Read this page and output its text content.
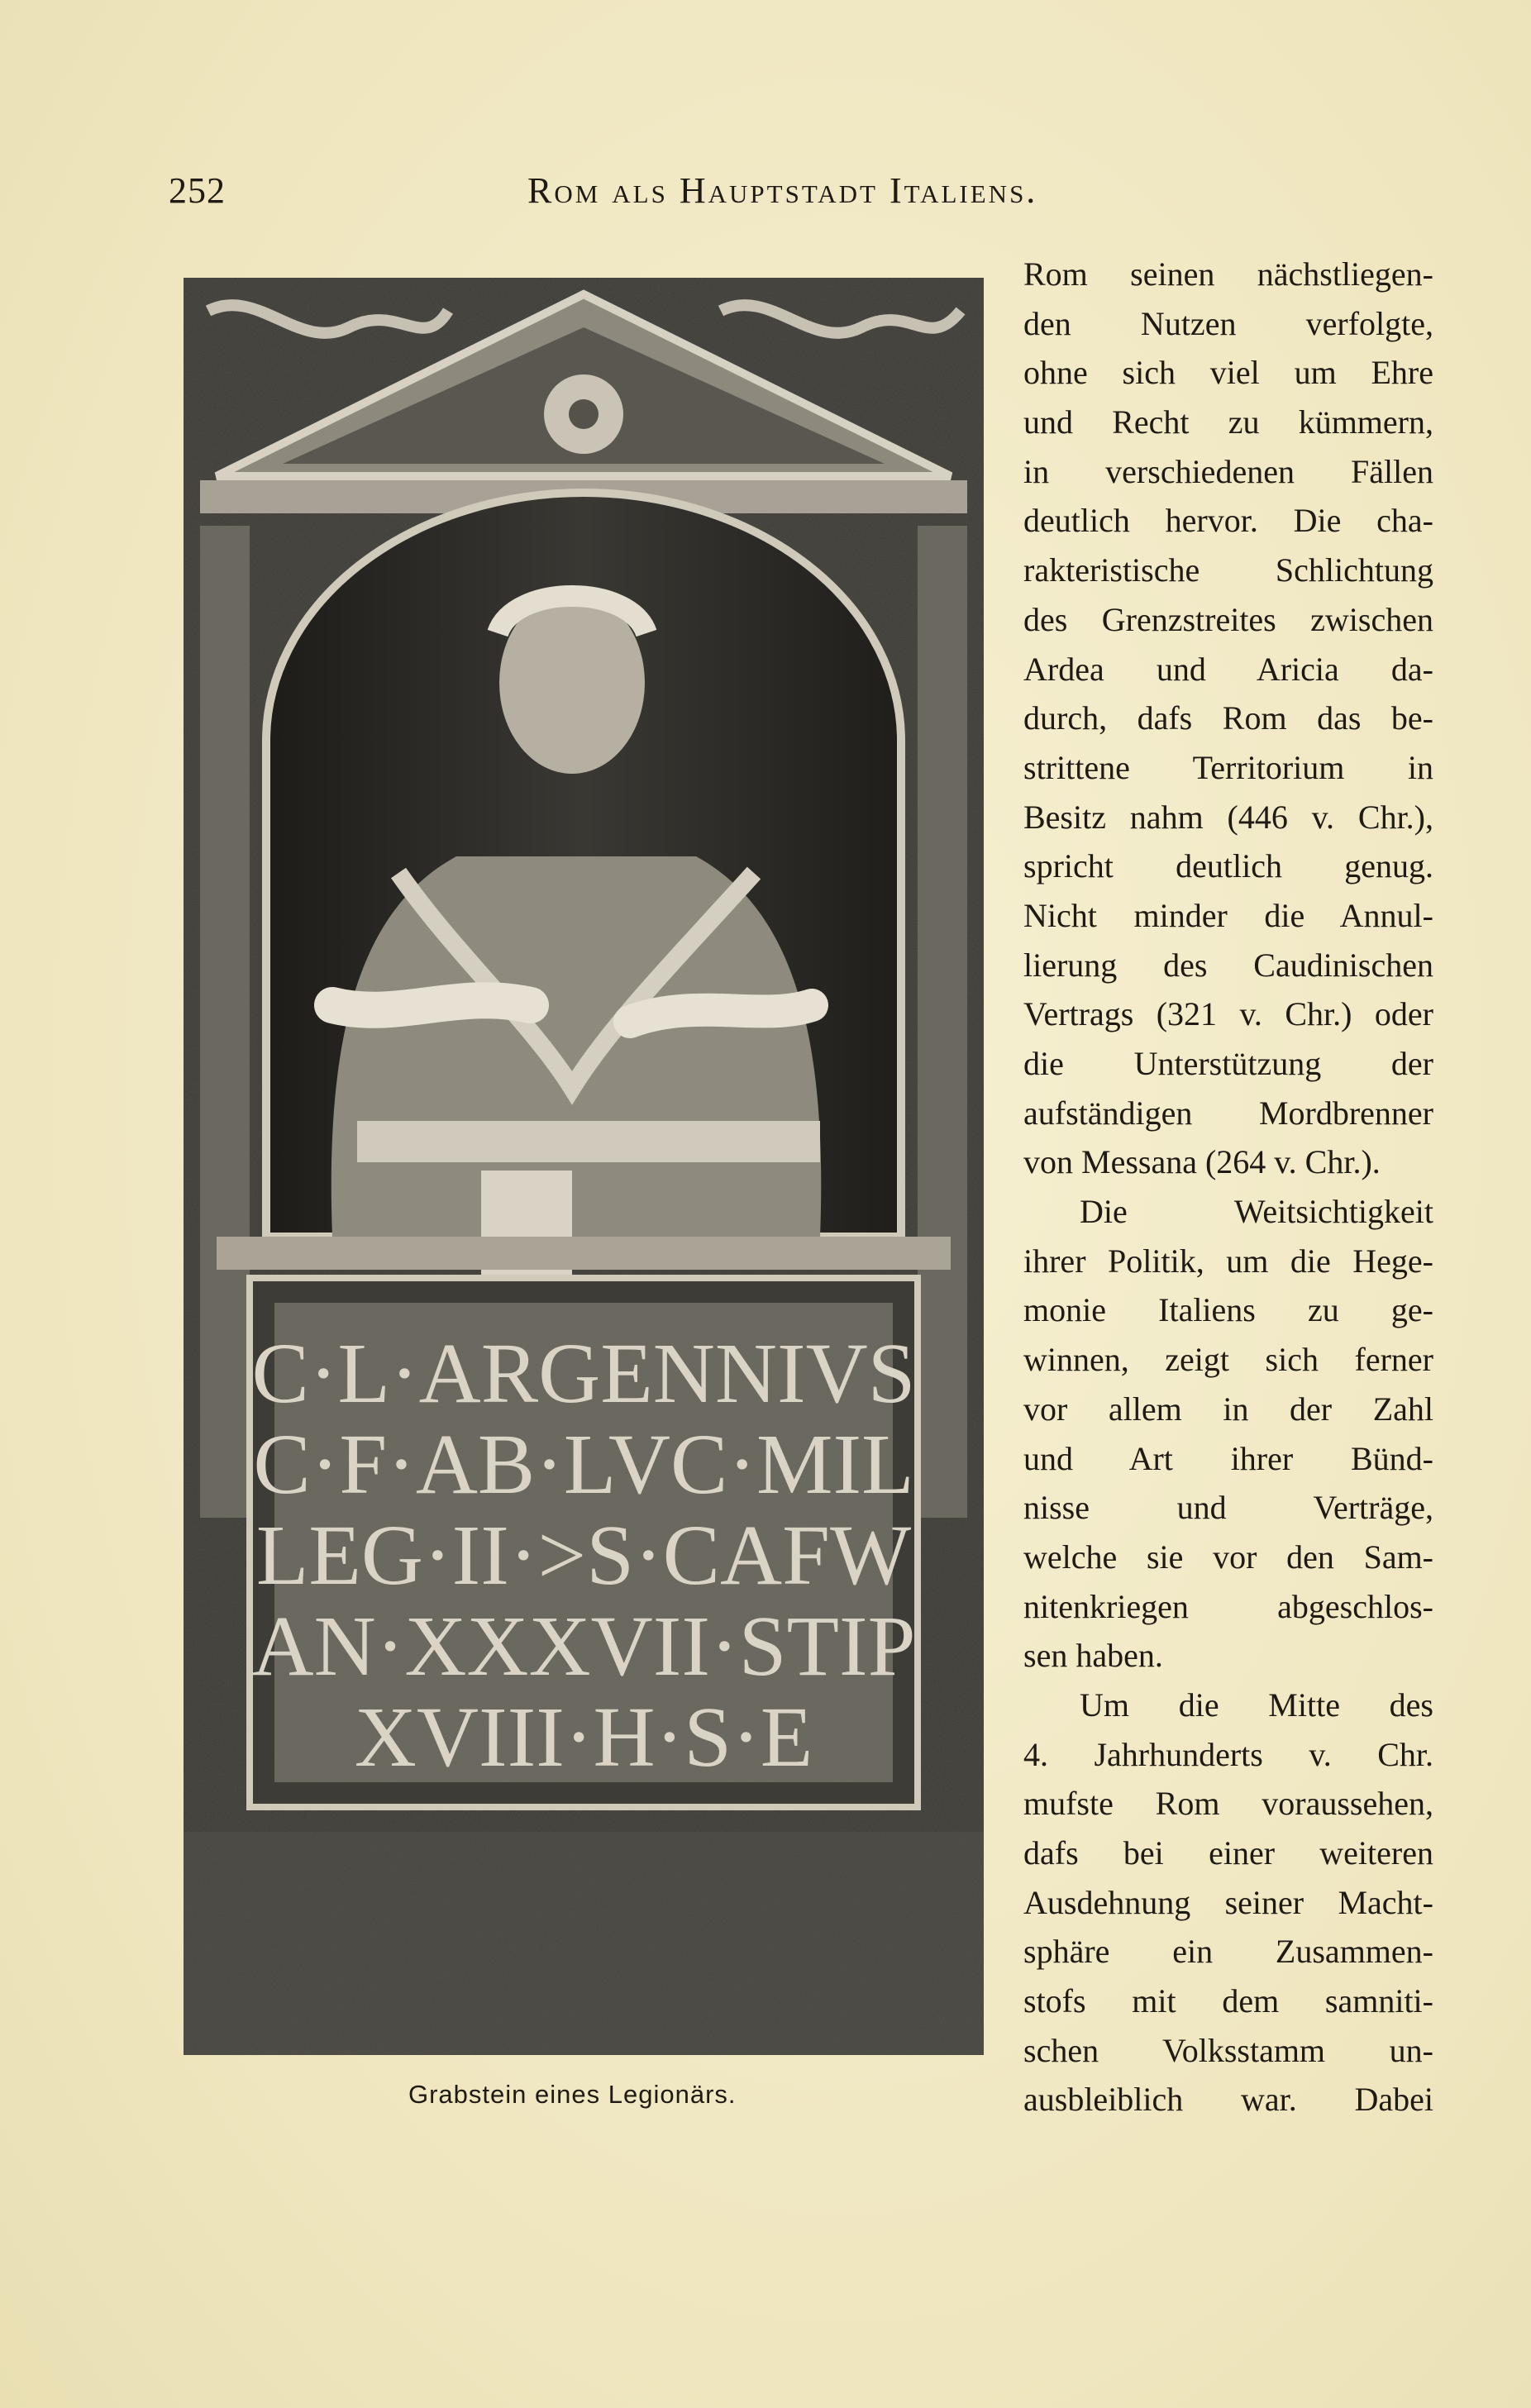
252	Rom als Hauptstadt Italiens.
C·L·ARGENNIVS
C·F·AB·LVC·MIL
LEG·II·>S·CAFW
AN·XXXVII·STIP
XVIII·H·S·E
Grabstein eines Legionärs.
Rom seinen nächstliegen-
den Nutzen verfolgte,
ohne sich viel um Ehre
und Recht zu kümmern,
in verschiedenen Fällen
deutlich hervor. Die cha-
rakteristische Schlichtung
des Grenzstreites zwischen
Ardea und Aricia da-
durch, dafs Rom das be-
strittene Territorium in
Besitz nahm (446 v. Chr.),
spricht deutlich genug.
Nicht minder die Annul-
lierung des Caudinischen
Vertrags (321 v. Chr.) oder
die Unterstützung der
aufständigen Mordbrenner
von Messana (264 v. Chr.).
Die Weitsichtigkeit
ihrer Politik, um die Hege-
monie Italiens zu ge-
winnen, zeigt sich ferner
vor allem in der Zahl
und Art ihrer Bünd-
nisse und Verträge,
welche sie vor den Sam-
nitenkriegen abgeschlos-
sen haben.
Um die Mitte des
4. Jahrhunderts v. Chr.
mufste Rom voraussehen,
dafs bei einer weiteren
Ausdehnung seiner Macht-
sphäre ein Zusammen-
stofs mit dem samniti-
schen Volksstamm un-
ausbleiblich war. Dabei
